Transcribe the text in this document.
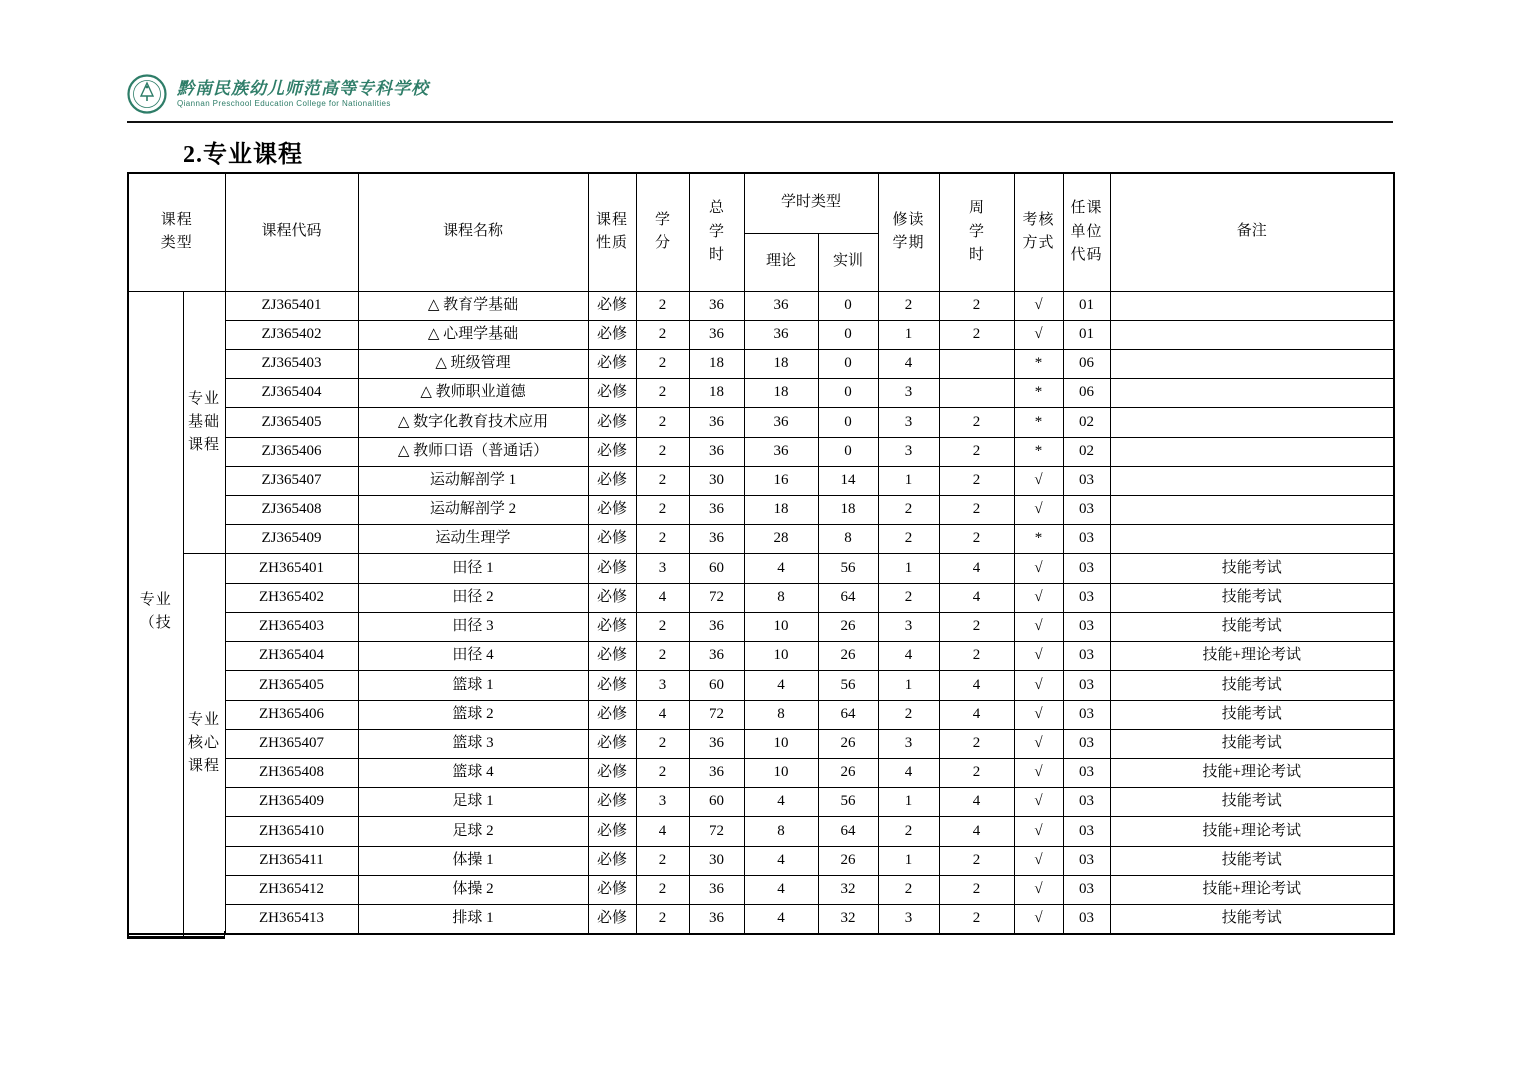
黔南民族幼儿师范高等专科学校
Qiannan Preschool Education College for Nationalities
2.专业课程
课程类型		课程代码	课程名称	课程性质	学分	总学时	学时类型		修读学期	周学时	考核方式	任课单位代码	备注
							理论	实训					
专业（技	专业基础课程	ZJ365401	△ 教育学基础	必修	2	36	36	0	2	2	√	01	
		ZJ365402	△ 心理学基础	必修	2	36	36	0	1	2	√	01	
		ZJ365403	△ 班级管理	必修	2	18	18	0	4		*	06	
		ZJ365404	△ 教师职业道德	必修	2	18	18	0	3		*	06	
		ZJ365405	△ 数字化教育技术应用	必修	2	36	36	0	3	2	*	02	
		ZJ365406	△ 教师口语（普通话）	必修	2	36	36	0	3	2	*	02	
		ZJ365407	运动解剖学 1	必修	2	30	16	14	1	2	√	03	
		ZJ365408	运动解剖学 2	必修	2	36	18	18	2	2	√	03	
		ZJ365409	运动生理学	必修	2	36	28	8	2	2	*	03	
	专业核心课程	ZH365401	田径 1	必修	3	60	4	56	1	4	√	03	技能考试
		ZH365402	田径 2	必修	4	72	8	64	2	4	√	03	技能考试
		ZH365403	田径 3	必修	2	36	10	26	3	2	√	03	技能考试
		ZH365404	田径 4	必修	2	36	10	26	4	2	√	03	技能+理论考试
		ZH365405	篮球 1	必修	3	60	4	56	1	4	√	03	技能考试
		ZH365406	篮球 2	必修	4	72	8	64	2	4	√	03	技能考试
		ZH365407	篮球 3	必修	2	36	10	26	3	2	√	03	技能考试
		ZH365408	篮球 4	必修	2	36	10	26	4	2	√	03	技能+理论考试
		ZH365409	足球 1	必修	3	60	4	56	1	4	√	03	技能考试
		ZH365410	足球 2	必修	4	72	8	64	2	4	√	03	技能+理论考试
		ZH365411	体操 1	必修	2	30	4	26	1	2	√	03	技能考试
		ZH365412	体操 2	必修	2	36	4	32	2	2	√	03	技能+理论考试
		ZH365413	排球 1	必修	2	36	4	32	3	2	√	03	技能考试
